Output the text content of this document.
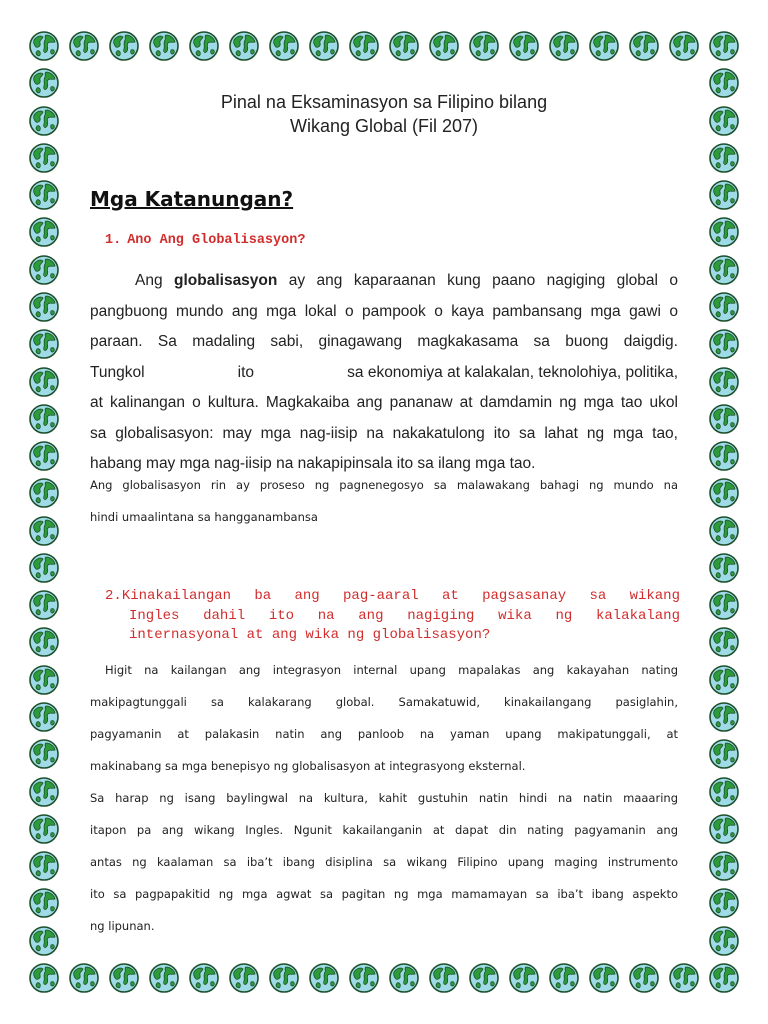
Pinal na Eksaminasyon sa Filipino bilang
Wikang Global (Fil 207)

Mga Katanungan?
1. Ano Ang Globalisasyon?
Ang globalisasyon ay ang kaparaanan kung paano nagiging global o
pangbuong mundo ang mga lokal o pampook o kaya pambansang mga gawi o
paraan. Sa madaling sabi, ginagawang magkakasama sa buong daigdig.
Tungkol	ito	sa ekonomiya at kalakalan, teknolohiya, politika,
at kalinangan o kultura. Magkakaiba ang pananaw at damdamin ng mga tao ukol
sa globalisasyon: may mga nag-iisip na nakakatulong ito sa lahat ng mga tao,
habang may mga nag-iisip na nakapipinsala ito sa ilang mga tao.
Ang globalisasyon rin ay proseso ng pagnenegosyo sa malawakang bahagi ng mundo na
hindi umaalintana sa hangganambansa
2.Kinakailangan ba ang pag-aaral at pagsasanay sa wikang
Ingles dahil ito na ang nagiging wika ng kalakalang
internasyonal at ang wika ng globalisasyon?
Higit na kailangan ang integrasyon internal upang mapalakas ang kakayahan nating
makipagtunggali sa kalakarang global. Samakatuwid, kinakailangang pasiglahin,
pagyamanin at palakasin natin ang panloob na yaman upang makipatunggali, at
makinabang sa mga benepisyo ng globalisasyon at integrasyong eksternal.
Sa harap ng isang baylingwal na kultura, kahit gustuhin natin hindi na natin maaaring
itapon pa ang wikang Ingles. Ngunit kakailanganin at dapat din nating pagyamanin ang
antas ng kaalaman sa iba’t ibang disiplina sa wikang Filipino upang maging instrumento
ito sa pagpapakitid ng mga agwat sa pagitan ng mga mamamayan sa iba’t ibang aspekto
ng lipunan.
